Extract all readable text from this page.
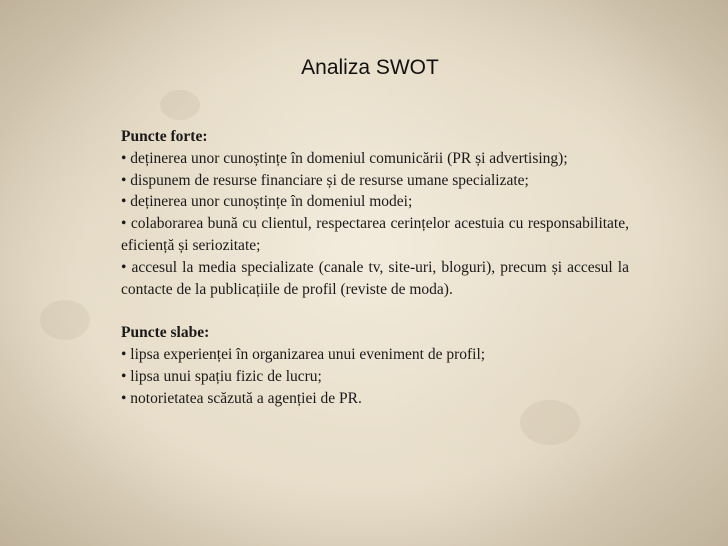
Analiza SWOT

Puncte forte:

• deținerea unor cunoștințe în domeniul comunicării (PR și advertising);

• dispunem de resurse financiare și de resurse umane specializate;

• deținerea unor cunoștințe în domeniul modei;

• colaborarea bună cu clientul, respectarea cerințelor acestuia cu responsabilitate, eficiență și seriozitate;

• accesul la media specializate (canale tv, site-uri, bloguri), precum și accesul la contacte de la publicațiile de profil (reviste de moda).

Puncte slabe:

• lipsa experienței în organizarea unui eveniment de profil;

• lipsa unui spațiu fizic de lucru;

• notorietatea scăzută a agenției de PR.
